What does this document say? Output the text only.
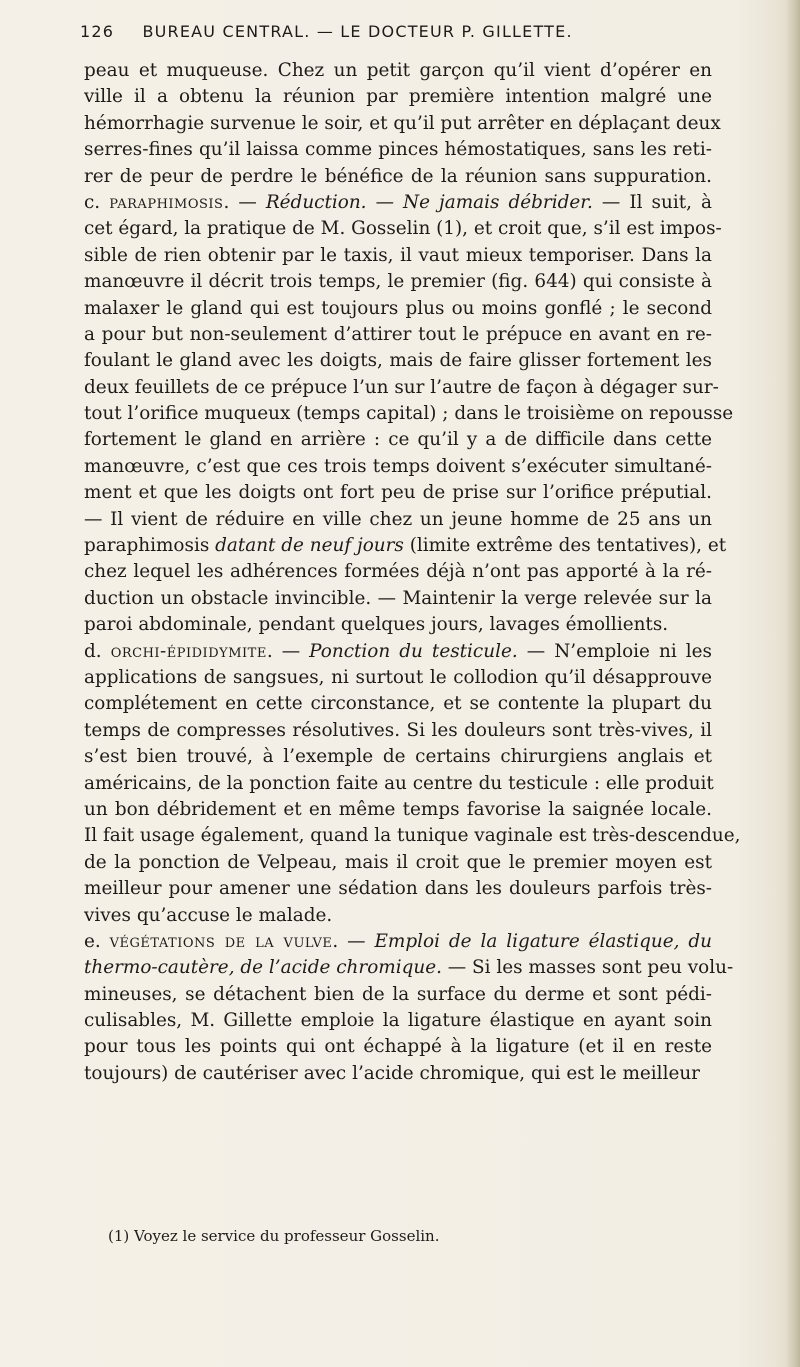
126 BUREAU CENTRAL. — LE DOCTEUR P. GILLETTE.
peau et muqueuse. Chez un petit garçon qu’il vient d’opérer en
ville il a obtenu la réunion par première intention malgré une
hémorrhagie survenue le soir, et qu’il put arrêter en déplaçant deux
serres-fines qu’il laissa comme pinces hémostatiques, sans les reti-
rer de peur de perdre le bénéfice de la réunion sans suppuration.
c. paraphimosis. — Réduction. — Ne jamais débrider. — Il suit, à
cet égard, la pratique de M. Gosselin (1), et croit que, s’il est impos-
sible de rien obtenir par le taxis, il vaut mieux temporiser. Dans la
manœuvre il décrit trois temps, le premier (fig. 644) qui consiste à
malaxer le gland qui est toujours plus ou moins gonflé ; le second
a pour but non-seulement d’attirer tout le prépuce en avant en re-
foulant le gland avec les doigts, mais de faire glisser fortement les
deux feuillets de ce prépuce l’un sur l’autre de façon à dégager sur-
tout l’orifice muqueux (temps capital) ; dans le troisième on repousse
fortement le gland en arrière : ce qu’il y a de difficile dans cette
manœuvre, c’est que ces trois temps doivent s’exécuter simultané-
ment et que les doigts ont fort peu de prise sur l’orifice préputial.
— Il vient de réduire en ville chez un jeune homme de 25 ans un
paraphimosis datant de neuf jours (limite extrême des tentatives), et
chez lequel les adhérences formées déjà n’ont pas apporté à la ré-
duction un obstacle invincible. — Maintenir la verge relevée sur la
paroi abdominale, pendant quelques jours, lavages émollients.
d. orchi-épididymite. — Ponction du testicule. — N’emploie ni les
applications de sangsues, ni surtout le collodion qu’il désapprouve
complétement en cette circonstance, et se contente la plupart du
temps de compresses résolutives. Si les douleurs sont très-vives, il
s’est bien trouvé, à l’exemple de certains chirurgiens anglais et
américains, de la ponction faite au centre du testicule : elle produit
un bon débridement et en même temps favorise la saignée locale.
Il fait usage également, quand la tunique vaginale est très-descendue,
de la ponction de Velpeau, mais il croit que le premier moyen est
meilleur pour amener une sédation dans les douleurs parfois très-
vives qu’accuse le malade.
e. végétations de la vulve. — Emploi de la ligature élastique, du
thermo-cautère, de l’acide chromique. — Si les masses sont peu volu-
mineuses, se détachent bien de la surface du derme et sont pédi-
culisables, M. Gillette emploie la ligature élastique en ayant soin
pour tous les points qui ont échappé à la ligature (et il en reste
toujours) de cautériser avec l’acide chromique, qui est le meilleur
(1) Voyez le service du professeur Gosselin.
